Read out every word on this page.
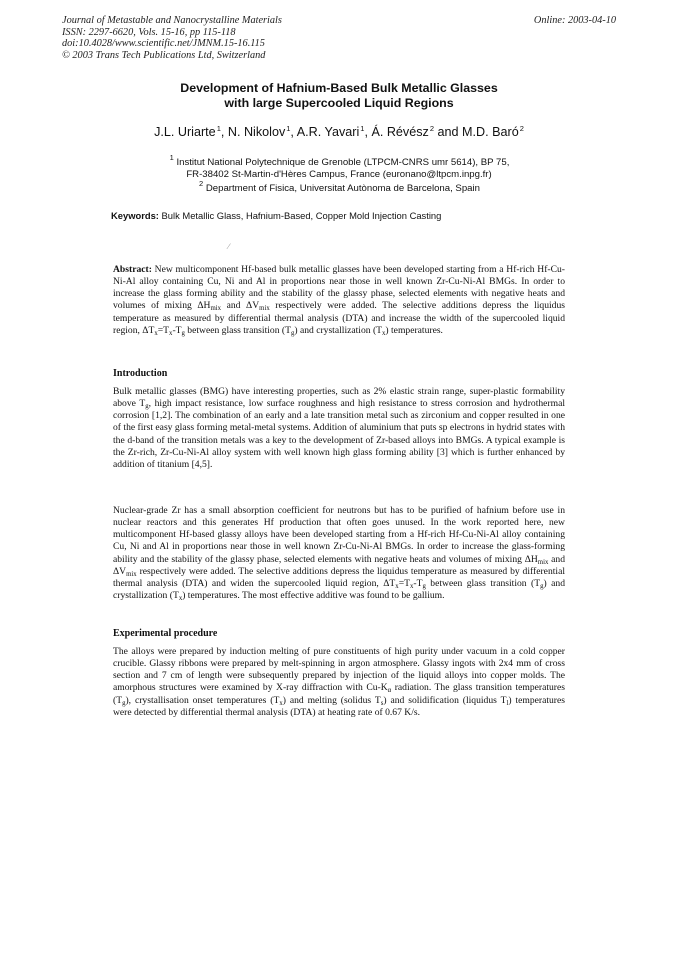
Journal of Metastable and Nanocrystalline Materials
ISSN: 2297-6620, Vols. 15-16, pp 115-118
doi:10.4028/www.scientific.net/JMNM.15-16.115
© 2003 Trans Tech Publications Ltd, Switzerland
Online: 2003-04-10
Development of Hafnium-Based Bulk Metallic Glasses
with large Supercooled Liquid Regions
J.L. Uriarte$^1$, N. Nikolov$^1$, A.R. Yavari$^1$, Á. Révész$^2$ and M.D. Baró$^2$
$^1$ Institut National Polytechnique de Grenoble (LTPCM-CNRS umr 5614), BP 75,
FR-38402 St-Martin-d'Hères Campus, France (euronano@ltpcm.inpg.fr)
$^2$ Department of Fisica, Universitat Autònoma de Barcelona, Spain
Keywords: Bulk Metallic Glass, Hafnium-Based, Copper Mold Injection Casting
⁄

Abstract: New multicomponent Hf-based bulk metallic glasses have been developed starting from a Hf-rich Hf-Cu-Ni-Al alloy containing Cu, Ni and Al in proportions near those in well known Zr-Cu-Ni-Al BMGs. In order to increase the glass forming ability and the stability of the glassy phase, selected elements with negative heats and volumes of mixing $\Delta H_{mix}$ and $\Delta V_{mix}$ respectively were added. The selective additions depress the liquidus temperature as measured by differential thermal analysis (DTA) and increase the width of the supercooled liquid region, $\Delta T_x=T_x-T_g$ between glass transition $(T_g)$ and crystallization $(T_x)$ temperatures.

Introduction

Bulk metallic glasses (BMG) have interesting properties, such as 2% elastic strain range, super-plastic formability above $T_g$, high impact resistance, low surface roughness and high resistance to stress corrosion and hydrothermal corrosion [1,2]. The combination of an early and a late transition metal such as zirconium and copper resulted in one of the first easy glass forming metal-metal systems. Addition of aluminium that puts sp electrons in hydrid states with the d-band of the transition metals was a key to the development of Zr-based alloys into BMGs. A typical example is the Zr-rich, Zr-Cu-Ni-Al alloy system with well known high glass forming ability [3] which is further enhanced by addition of titanium [4,5].

Nuclear-grade Zr has a small absorption coefficient for neutrons but has to be purified of hafnium before use in nuclear reactors and this generates Hf production that often goes unused. In the work reported here, new multicomponent Hf-based glassy alloys have been developed starting from a Hf-rich Hf-Cu-Ni-Al alloy containing Cu, Ni and Al in proportions near those in well known Zr-Cu-Ni-Al BMGs. In order to increase the glass-forming ability and the stability of the glassy phase, selected elements with negative heats and volumes of mixing $\Delta H_{mix}$ and $\Delta V_{mix}$ respectively were added. The selective additions depress the liquidus temperature as measured by differential thermal analysis (DTA) and widen the supercooled liquid region, $\Delta T_x=T_x-T_g$ between glass transition $(T_g)$ and crystallization $(T_x)$ temperatures. The most effective additive was found to be gallium.

Experimental procedure

The alloys were prepared by induction melting of pure constituents of high purity under vacuum in a cold copper crucible. Glassy ribbons were prepared by melt-spinning in argon atmosphere. Glassy ingots with 2x4 mm of cross section and 7 cm of length were subsequently prepared by injection of the liquid alloys into copper molds. The amorphous structures were examined by X-ray diffraction with $Cu-K_\alpha$ radiation. The glass transition temperatures $(T_g)$, crystallisation onset temperatures $(T_x)$ and melting (solidus $T_s$) and solidification (liquidus $T_l$) temperatures were detected by differential thermal analysis (DTA) at heating rate of 0.67 K/s.
